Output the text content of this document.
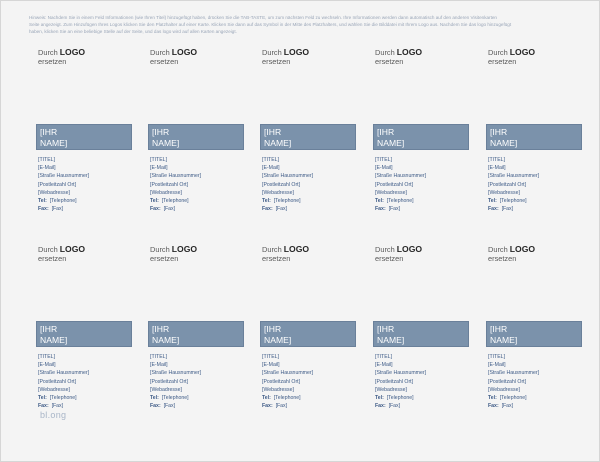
Hinweis: Nachdem Sie in einem Feld Informationen (wie Ihren Titel) hinzugefügt haben, drücken Sie die TAB-TASTE, um zum nächsten Feld zu wechseln. Ihre Informationen werden dann automatisch auf den anderen Visitenkarten
Seite angezeigt. Zum Hinzufügen Ihres Logos klicken Sie den Platzhalter auf einer Karte. Klicken Sie dann auf das Symbol in der Mitte des Platzhalters, und wählen Sie die Bilddatei mit Ihrem Logo aus. Nachdem Sie das logo hinzugefügt
haben, klicken Sie an eine beliebige Stelle auf der Seite, und das logo wird auf allen Karten angezeigt.
Durch LOGO
ersetzen
[IHR
NAME]
[TITEL]
[E-Mail]
[Straße Hausnummer]
[Postleitzahl Ort]
[Webadresse]
Tel: [Telephone]
Fax: [Fax]
Durch LOGO
ersetzen
[IHR
NAME]
[TITEL]
[E-Mail]
[Straße Hausnummer]
[Postleitzahl Ort]
[Webadresse]
Tel: [Telephone]
Fax: [Fax]
Durch LOGO
ersetzen
[IHR
NAME]
[TITEL]
[E-Mail]
[Straße Hausnummer]
[Postleitzahl Ort]
[Webadresse]
Tel: [Telephone]
Fax: [Fax]
Durch LOGO
ersetzen
[IHR
NAME]
[TITEL]
[E-Mail]
[Straße Hausnummer]
[Postleitzahl Ort]
[Webadresse]
Tel: [Telephone]
Fax: [Fax]
Durch LOGO
ersetzen
[IHR
NAME]
[TITEL]
[E-Mail]
[Straße Hausnummer]
[Postleitzahl Ort]
[Webadresse]
Tel: [Telephone]
Fax: [Fax]
Durch LOGO
ersetzen
[IHR
NAME]
[TITEL]
[E-Mail]
[Straße Hausnummer]
[Postleitzahl Ort]
[Webadresse]
Tel: [Telephone]
Fax: [Fax]
Durch LOGO
ersetzen
[IHR
NAME]
[TITEL]
[E-Mail]
[Straße Hausnummer]
[Postleitzahl Ort]
[Webadresse]
Tel: [Telephone]
Fax: [Fax]
Durch LOGO
ersetzen
[IHR
NAME]
[TITEL]
[E-Mail]
[Straße Hausnummer]
[Postleitzahl Ort]
[Webadresse]
Tel: [Telephone]
Fax: [Fax]
Durch LOGO
ersetzen
[IHR
NAME]
[TITEL]
[E-Mail]
[Straße Hausnummer]
[Postleitzahl Ort]
[Webadresse]
Tel: [Telephone]
Fax: [Fax]
Durch LOGO
ersetzen
[IHR
NAME]
[TITEL]
[E-Mail]
[Straße Hausnummer]
[Postleitzahl Ort]
[Webadresse]
Tel: [Telephone]
Fax: [Fax]
bl.ong
